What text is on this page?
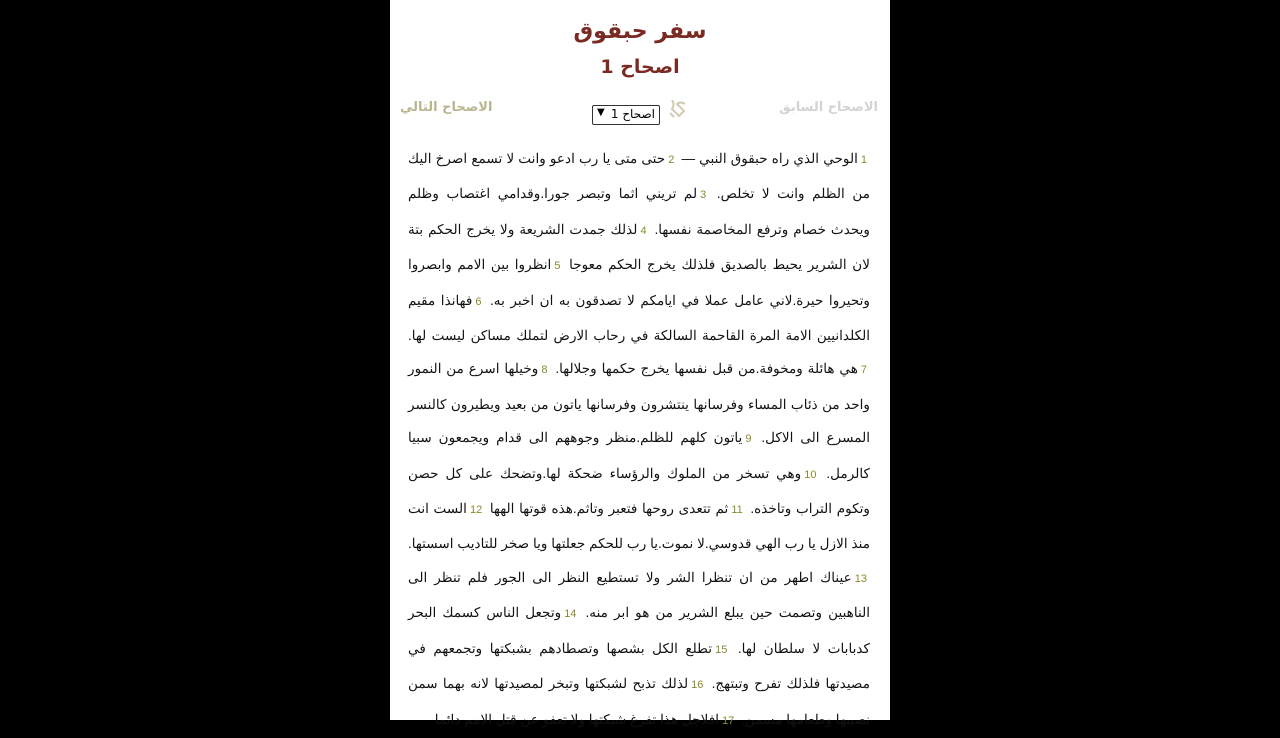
سفر حبقوق
اصحاح 1
الاصحاح السابق
اصحاح 1
▼
الاصحاح التالي
1الوحي الذي راه حبقوق النبي — 2حتى متى يا رب ادعو وانت لا تسمع اصرخ اليك من الظلم وانت لا تخلص. 3لم تريني اثما وتبصر جورا.وقدامي اغتصاب وظلم ويحدث خصام وترفع المخاصمة نفسها. 4لذلك جمدت الشريعة ولا يخرج الحكم بتة لان الشرير يحيط بالصديق فلذلك يخرج الحكم معوجا 5انظروا بين الامم وابصروا وتحيروا حيرة.لاني عامل عملا في ايامكم لا تصدقون به ان اخبر به. 6فهانذا مقيم الكلدانيين الامة المرة القاحمة السالكة في رحاب الارض لتملك مساكن ليست لها. 7هي هائلة ومخوفة.من قبل نفسها يخرج حكمها وجلالها. 8وخيلها اسرع من النمور واحد من ذئاب المساء وفرسانها ينتشرون وفرسانها ياتون من بعيد ويطيرون كالنسر المسرع الى الاكل. 9ياتون كلهم للظلم.منظر وجوههم الى قدام ويجمعون سبيا كالرمل. 10وهي تسخر من الملوك والرؤساء ضحكة لها.وتضحك على كل حصن وتكوم التراب وتاخذه. 11ثم تتعدى روحها فتعبر وتاثم.هذه قوتها الهها 12الست انت منذ الازل يا رب الهي قدوسي.لا نموت.يا رب للحكم جعلتها ويا صخر للتاديب اسستها. 13عيناك اطهر من ان تنظرا الشر ولا تستطيع النظر الى الجور فلم تنظر الى الناهبين وتصمت حين يبلع الشرير من هو ابر منه. 14وتجعل الناس كسمك البحر كدبابات لا سلطان لها. 15تطلع الكل بشصها وتصطادهم بشبكتها وتجمعهم في مصيدتها فلذلك تفرح وتبتهج. 16لذلك تذبح لشبكتها وتبخر لمصيدتها لانه بهما سمن نصيبها وطعامها مسمن. 17افلاجل هذا تفرغ شبكتها ولا تعفو عن قتل الامم دائما
